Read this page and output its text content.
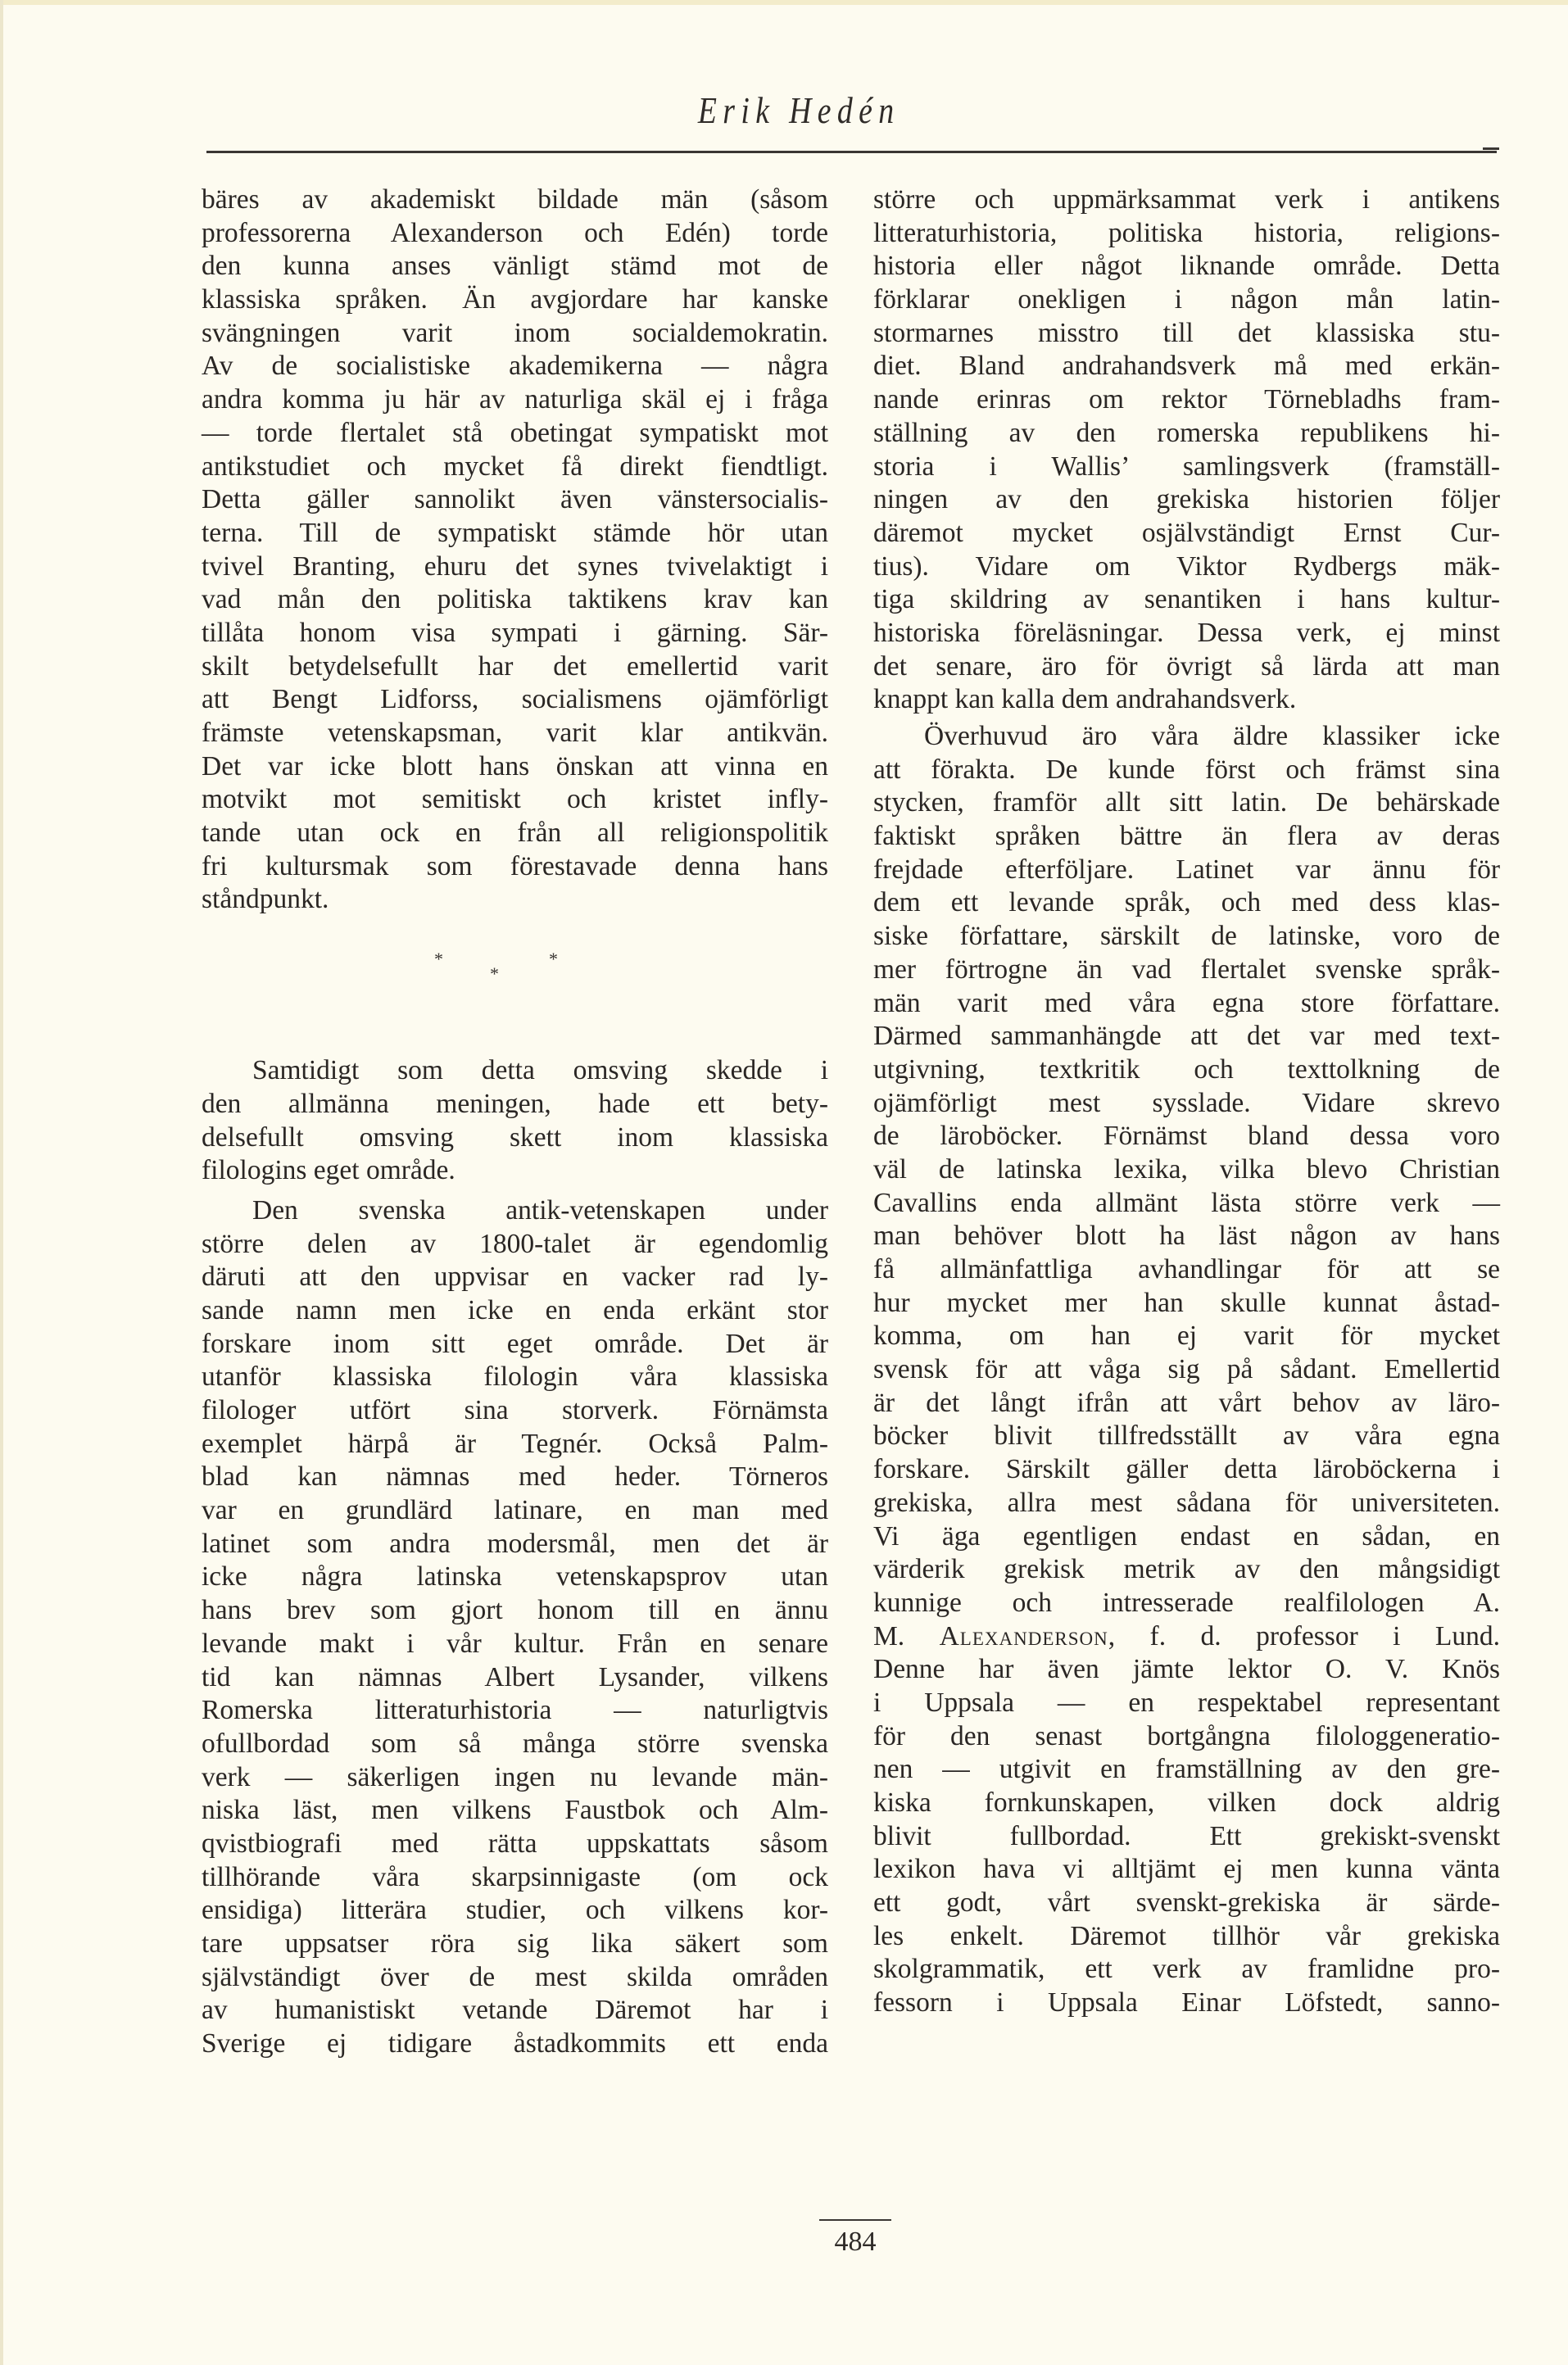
Erik Hedén
bäres av akademiskt bildade män (såsom
professorerna Alexanderson och Edén) torde
den kunna anses vänligt stämd mot de
klassiska språken. Än avgjordare har kanske
svängningen varit inom socialdemokratin.
Av de socialistiske akademikerna — några
andra komma ju här av naturliga skäl ej i fråga
— torde flertalet stå obetingat sympatiskt mot
antikstudiet och mycket få direkt fiendtligt.
Detta gäller sannolikt även vänstersocialis-
terna. Till de sympatiskt stämde hör utan
tvivel Branting, ehuru det synes tvivelaktigt i
vad mån den politiska taktikens krav kan
tillåta honom visa sympati i gärning. Sär-
skilt betydelsefullt har det emellertid varit
att Bengt Lidforss, socialismens ojämförligt
främste vetenskapsman, varit klar antikvän.
Det var icke blott hans önskan att vinna en
motvikt mot semitiskt och kristet infly-
tande utan ock en från all religionspolitik
fri kultursmak som förestavade denna hans
ståndpunkt.
*
*
*
Samtidigt som detta omsving skedde i
den allmänna meningen, hade ett bety-
delsefullt omsving skett inom klassiska
filologins eget område.
Den svenska antik-vetenskapen under
större delen av 1800-talet är egendomlig
däruti att den uppvisar en vacker rad ly-
sande namn men icke en enda erkänt stor
forskare inom sitt eget område. Det är
utanför klassiska filologin våra klassiska
filologer utfört sina storverk. Förnämsta
exemplet härpå är Tegnér. Också Palm-
blad kan nämnas med heder. Törneros
var en grundlärd latinare, en man med
latinet som andra modersmål, men det är
icke några latinska vetenskapsprov utan
hans brev som gjort honom till en ännu
levande makt i vår kultur. Från en senare
tid kan nämnas Albert Lysander, vilkens
Romerska litteraturhistoria — naturligtvis
ofullbordad som så många större svenska
verk — säkerligen ingen nu levande män-
niska läst, men vilkens Faustbok och Alm-
qvistbiografi med rätta uppskattats såsom
tillhörande våra skarpsinnigaste (om ock
ensidiga) litterära studier, och vilkens kor-
tare uppsatser röra sig lika säkert som
självständigt över de mest skilda områden
av humanistiskt vetande Däremot har i
Sverige ej tidigare åstadkommits ett enda
större och uppmärksammat verk i antikens
litteraturhistoria, politiska historia, religions-
historia eller något liknande område. Detta
förklarar onekligen i någon mån latin-
stormarnes misstro till det klassiska stu-
diet. Bland andrahandsverk må med erkän-
nande erinras om rektor Törnebladhs fram-
ställning av den romerska republikens hi-
storia i Wallis’ samlingsverk (framställ-
ningen av den grekiska historien följer
däremot mycket osjälvständigt Ernst Cur-
tius). Vidare om Viktor Rydbergs mäk-
tiga skildring av senantiken i hans kultur-
historiska föreläsningar. Dessa verk, ej minst
det senare, äro för övrigt så lärda att man
knappt kan kalla dem andrahandsverk.
Överhuvud äro våra äldre klassiker icke
att förakta. De kunde först och främst sina
stycken, framför allt sitt latin. De behärskade
faktiskt språken bättre än flera av deras
frejdade efterföljare. Latinet var ännu för
dem ett levande språk, och med dess klas-
siske författare, särskilt de latinske, voro de
mer förtrogne än vad flertalet svenske språk-
män varit med våra egna store författare.
Därmed sammanhängde att det var med text-
utgivning, textkritik och texttolkning de
ojämförligt mest sysslade. Vidare skrevo
de läroböcker. Förnämst bland dessa voro
väl de latinska lexika, vilka blevo Christian
Cavallins enda allmänt lästa större verk —
man behöver blott ha läst någon av hans
få allmänfattliga avhandlingar för att se
hur mycket mer han skulle kunnat åstad-
komma, om han ej varit för mycket
svensk för att våga sig på sådant. Emellertid
är det långt ifrån att vårt behov av läro-
böcker blivit tillfredsställt av våra egna
forskare. Särskilt gäller detta läroböckerna i
grekiska, allra mest sådana för universiteten.
Vi äga egentligen endast en sådan, en
värderik grekisk metrik av den mångsidigt
kunnige och intresserade realfilologen A.
M. Alexanderson, f. d. professor i Lund.
Denne har även jämte lektor O. V. Knös
i Uppsala — en respektabel representant
för den senast bortgångna filologgeneratio-
nen — utgivit en framställning av den gre-
kiska fornkunskapen, vilken dock aldrig
blivit fullbordad. Ett grekiskt-svenskt
lexikon hava vi alltjämt ej men kunna vänta
ett godt, vårt svenskt-grekiska är särde-
les enkelt. Däremot tillhör vår grekiska
skolgrammatik, ett verk av framlidne pro-
fessorn i Uppsala Einar Löfstedt, sanno-
484
